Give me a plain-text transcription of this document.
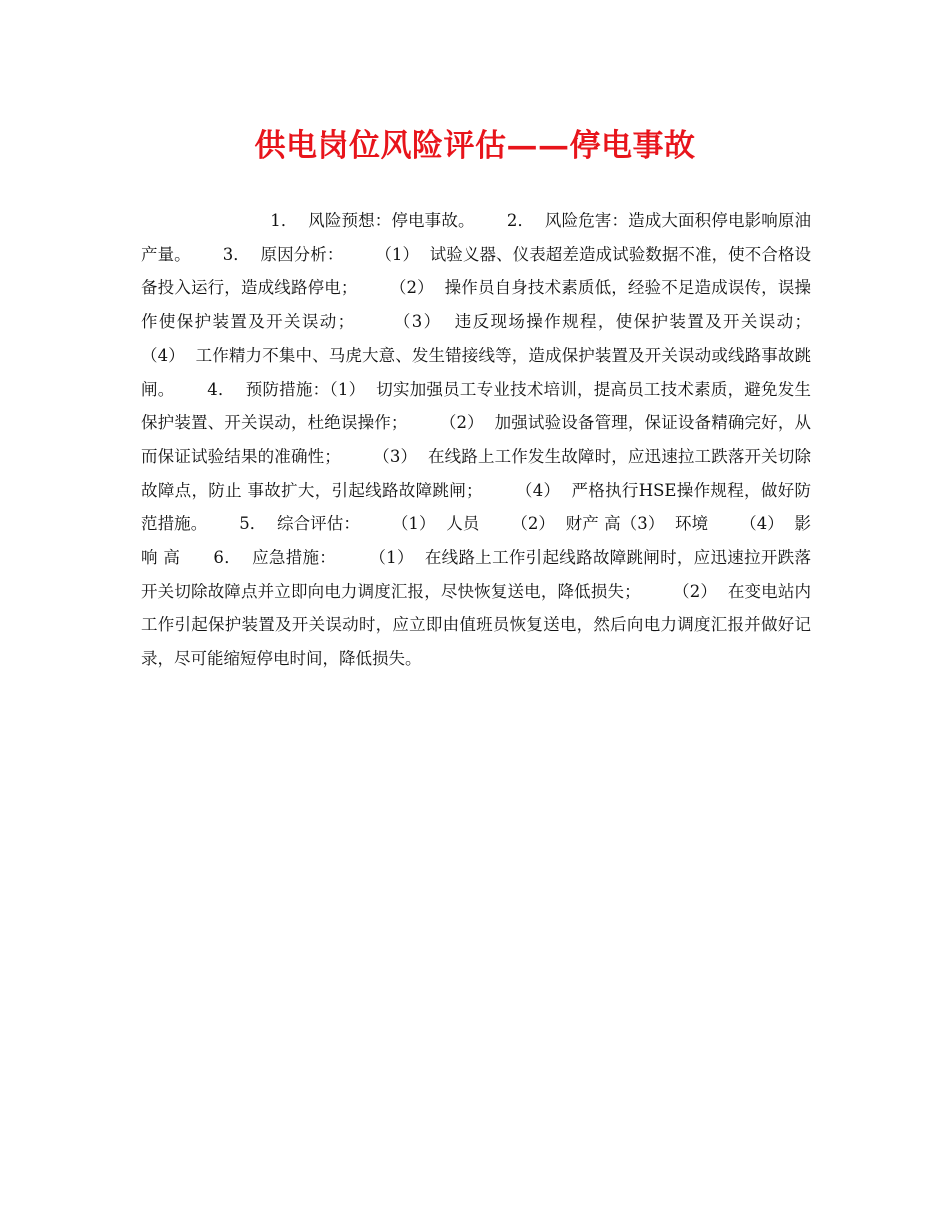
供电岗位风险评估——停电事故

1．  风险预想：停电事故。      2．  风险危害：造成大面积停电影响原油产量。      3．  原因分析：      （1）  试验义器、仪表超差造成试验数据不准，使不合格设备投入运行，造成线路停电；      （2）  操作员自身技术素质低，经验不足造成误传，误操作使保护装置及开关误动；      （3）  违反现场操作规程，使保护装置及开关误动；      （4）  工作精力不集中、马虎大意、发生错接线等，造成保护装置及开关误动或线路事故跳闸。      4．  预防措施：（1）  切实加强员工专业技术培训，提高员工技术素质，避免发生保护装置、开关误动，杜绝误操作；      （2）  加强试验设备管理，保证设备精确完好，从而保证试验结果的准确性；      （3）  在线路上工作发生故障时，应迅速拉工跌落开关切除故障点，防止 事故扩大，引起线路故障跳闸；      （4）  严格执行HSE操作规程，做好防范措施。      5．  综合评估：      （1）  人员      （2）  财产 高（3）  环境      （4）  影响 高      6．  应急措施：      （1）  在线路上工作引起线路故障跳闸时，应迅速拉开跌落开关切除故障点并立即向电力调度汇报，尽快恢复送电，降低损失；      （2）  在变电站内工作引起保护装置及开关误动时，应立即由值班员恢复送电，然后向电力调度汇报并做好记录，尽可能缩短停电时间，降低损失。
